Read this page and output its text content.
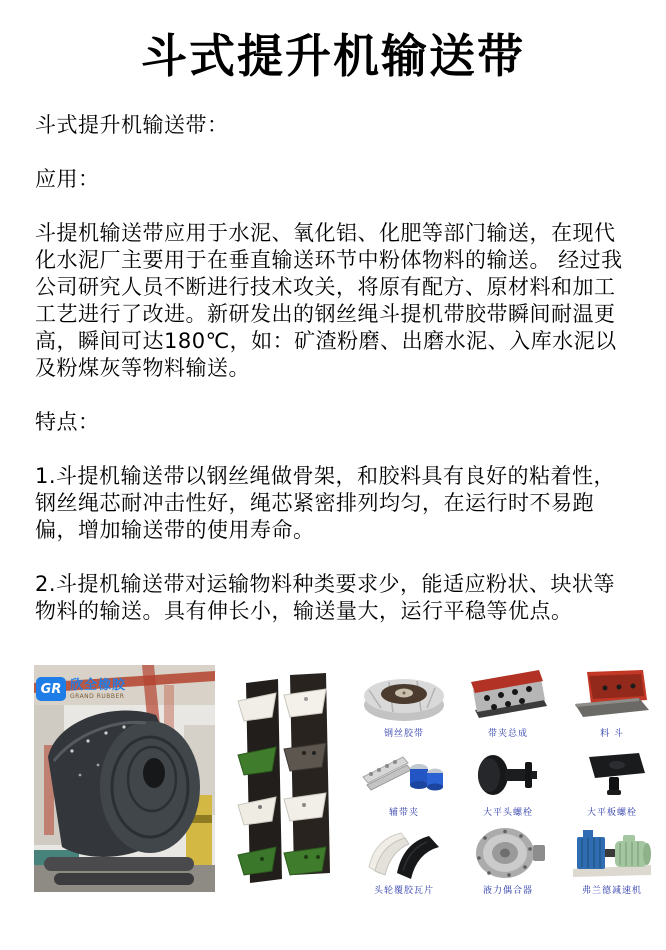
斗式提升机输送带
斗式提升机输送带：
应用：
斗提机输送带应用于水泥、氧化铝、化肥等部门输送，在现代化水泥厂主要用于在垂直输送环节中粉体物料的输送。 经过我公司研究人员不断进行技术攻关，将原有配方、原材料和加工工艺进行了改进。新研发出的钢丝绳斗提机带胶带瞬间耐温更高，瞬间可达180℃，如：矿渣粉磨、出磨水泥、入库水泥以及粉煤灰等物料输送。
特点：
1.斗提机输送带以钢丝绳做骨架，和胶料具有良好的粘着性，钢丝绳芯耐冲击性好，绳芯紧密排列均匀，在运行时不易跑偏，增加输送带的使用寿命。
2.斗提机输送带对运输物料种类要求少，能适应粉状、块状等物料的输送。具有伸长小，输送量大，运行平稳等优点。
GR 欣全橡胶
GRAND RUBBER
钢丝胶带	带夹总成	料 斗
辅带夹	大平头螺栓	大平板螺栓
头轮覆胶瓦片	液力偶合器	弗兰德减速机
